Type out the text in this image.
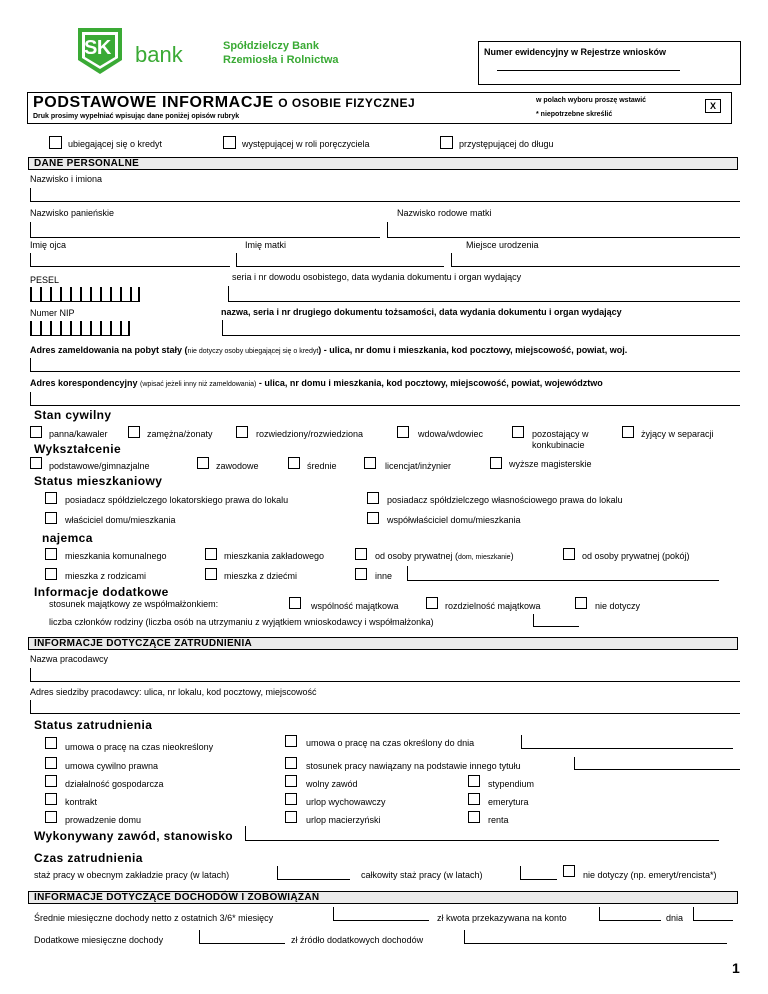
SK bank	Spółdzielczy Bank
Rzemiosła i Rolnictwa
Numer ewidencyjny w Rejestrze wniosków
PODSTAWOWE INFORMACJE O OSOBIE FIZYCZNEJ
Druk prosimy wypełniać wpisując dane poniżej opisów rubryk
w polach wyboru proszę wstawić
X
* niepotrzebne skreślić
ubiegającej się o kredyt	występującej w roli poręczyciela	przystępującej do długu
DANE PERSONALNE
Nazwisko i imiona
Nazwisko panieńskie	Nazwisko rodowe matki
Imię ojca	Imię matki	Miejsce urodzenia
PESEL	seria i nr dowodu osobistego, data wydania dokumentu i organ wydający
Numer NIP	nazwa, seria i nr drugiego dokumentu tożsamości, data wydania dokumentu i organ wydający
Adres zameldowania na pobyt stały (nie dotyczy osoby ubiegającej się o kredyt) - ulica, nr domu i mieszkania, kod pocztowy, miejscowość, powiat, woj.
Adres korespondencyjny (wpisać jeżeli inny niż zameldowania) - ulica, nr domu i mieszkania, kod pocztowy, miejscowość, powiat, województwo
Stan cywilny
panna/kawaler	zamężna/żonaty	rozwiedziony/rozwiedziona	wdowa/wdowiec	pozostający w
konkubinacie
żyjący w separacji
Wykształcenie
podstawowe/gimnazjalne	zawodowe	średnie	licencjat/inżynier	wyższe magisterskie
Status mieszkaniowy
posiadacz spółdzielczego lokatorskiego prawa do lokalu	posiadacz spółdzielczego własnościowego prawa do lokalu
właściciel domu/mieszkania	współwłaściciel domu/mieszkania
najemca
mieszkania komunalnego	mieszkania zakładowego	od osoby prywatnej (dom, mieszkanie)	od osoby prywatnej (pokój)
mieszka z rodzicami	mieszka z dziećmi	inne
Informacje dodatkowe
stosunek majątkowy ze współmałżonkiem:	wspólność majątkowa	rozdzielność majątkowa	nie dotyczy
liczba członków rodziny (liczba osób na utrzymaniu z wyjątkiem wnioskodawcy i współmałżonka)
INFORMACJE DOTYCZĄCE ZATRUDNIENIA
Nazwa pracodawcy
Adres siedziby pracodawcy: ulica, nr lokalu, kod pocztowy, miejscowość
Status zatrudnienia
umowa o pracę na czas nieokreślony	umowa o pracę na czas określony do dnia
umowa cywilno prawna	stosunek pracy nawiązany na podstawie innego tytułu
działalność gospodarcza	wolny zawód	stypendium
kontrakt	urlop wychowawczy	emerytura
prowadzenie domu	urlop macierzyński	renta
Wykonywany zawód, stanowisko
Czas zatrudnienia
staż pracy w obecnym zakładzie pracy (w latach)	całkowity staż pracy (w latach)	nie dotyczy (np. emeryt/rencista*)
INFORMACJE DOTYCZĄCE DOCHODÓW I ZOBOWIĄZAŃ
Średnie miesięczne dochody netto z ostatnich 3/6* miesięcy	zł kwota przekazywana na konto	dnia
Dodatkowe miesięczne dochody	zł źródło dodatkowych dochodów
1
